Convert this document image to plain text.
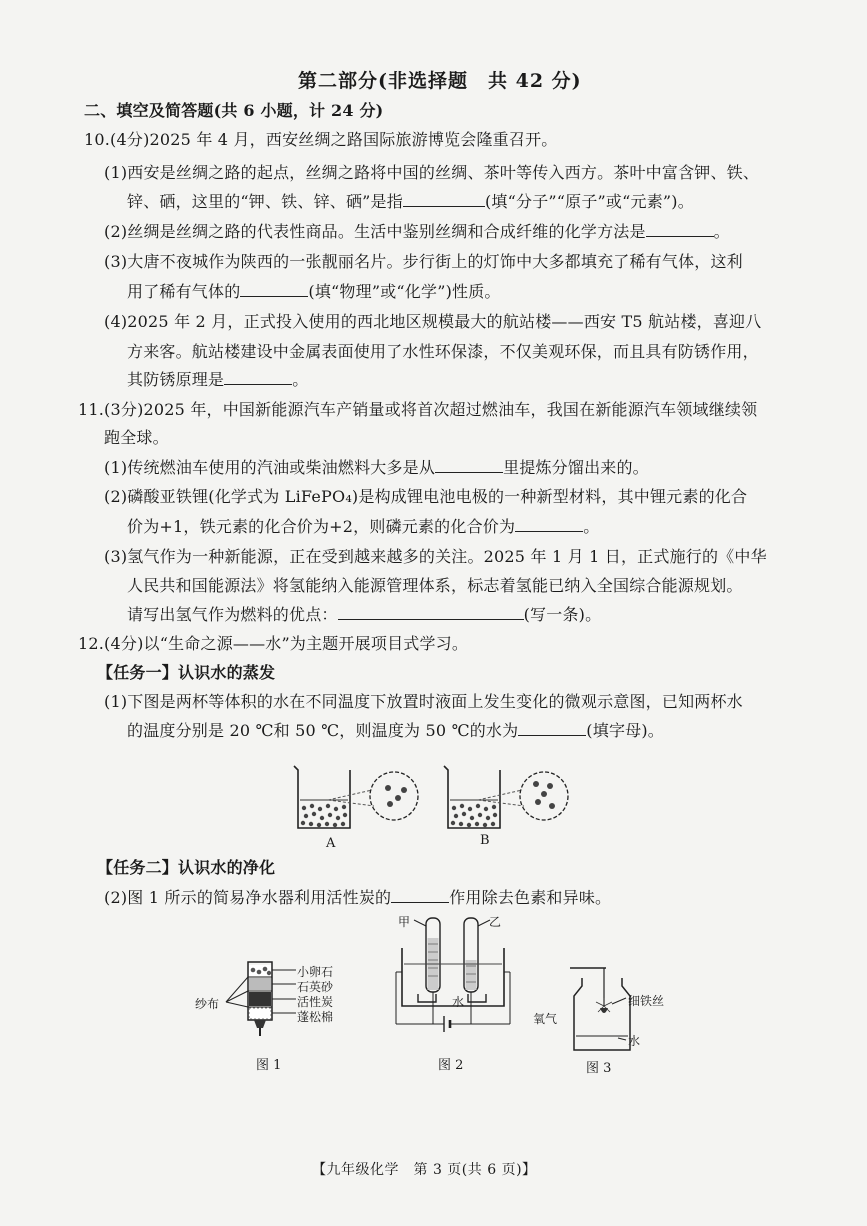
第二部分(非选择题　共 42 分)
二、填空及简答题(共 6 小题，计 24 分)
10.(4分)2025 年 4 月，西安丝绸之路国际旅游博览会隆重召开。
(1)西安是丝绸之路的起点，丝绸之路将中国的丝绸、茶叶等传入西方。茶叶中富含钾、铁、
锌、硒，这里的“钾、铁、锌、硒”是指	(填“分子”“原子”或“元素”)。
(2)丝绸是丝绸之路的代表性商品。生活中鉴别丝绸和合成纤维的化学方法是	。
(3)大唐不夜城作为陕西的一张靓丽名片。步行街上的灯饰中大多都填充了稀有气体，这利
用了稀有气体的	(填“物理”或“化学”)性质。
(4)2025 年 2 月，正式投入使用的西北地区规模最大的航站楼——西安 T5 航站楼，喜迎八
方来客。航站楼建设中金属表面使用了水性环保漆，不仅美观环保，而且具有防锈作用，
其防锈原理是	。
11.(3分)2025 年，中国新能源汽车产销量或将首次超过燃油车，我国在新能源汽车领域继续领
跑全球。
(1)传统燃油车使用的汽油或柴油燃料大多是从	里提炼分馏出来的。
(2)磷酸亚铁锂(化学式为 LiFePO₄)是构成锂电池电极的一种新型材料，其中锂元素的化合
价为+1，铁元素的化合价为+2，则磷元素的化合价为	。
(3)氢气作为一种新能源，正在受到越来越多的关注。2025 年 1 月 1 日，正式施行的《中华
人民共和国能源法》将氢能纳入能源管理体系，标志着氢能已纳入全国综合能源规划。
请写出氢气作为燃料的优点：	(写一条)。
12.(4分)以“生命之源——水”为主题开展项目式学习。
【任务一】认识水的蒸发
(1)下图是两杯等体积的水在不同温度下放置时液面上发生变化的微观示意图，已知两杯水
的温度分别是 20 ℃和 50 ℃，则温度为 50 ℃的水为	(填字母)。
A	B
【任务二】认识水的净化
(2)图 1 所示的简易净水器利用活性炭的	作用除去色素和异味。
纱布
小卵石
石英砂
活性炭
蓬松棉
图 1
甲	乙
水
图 2
氧气
细铁丝
水
图 3
【九年级化学　第 3 页(共 6 页)】
